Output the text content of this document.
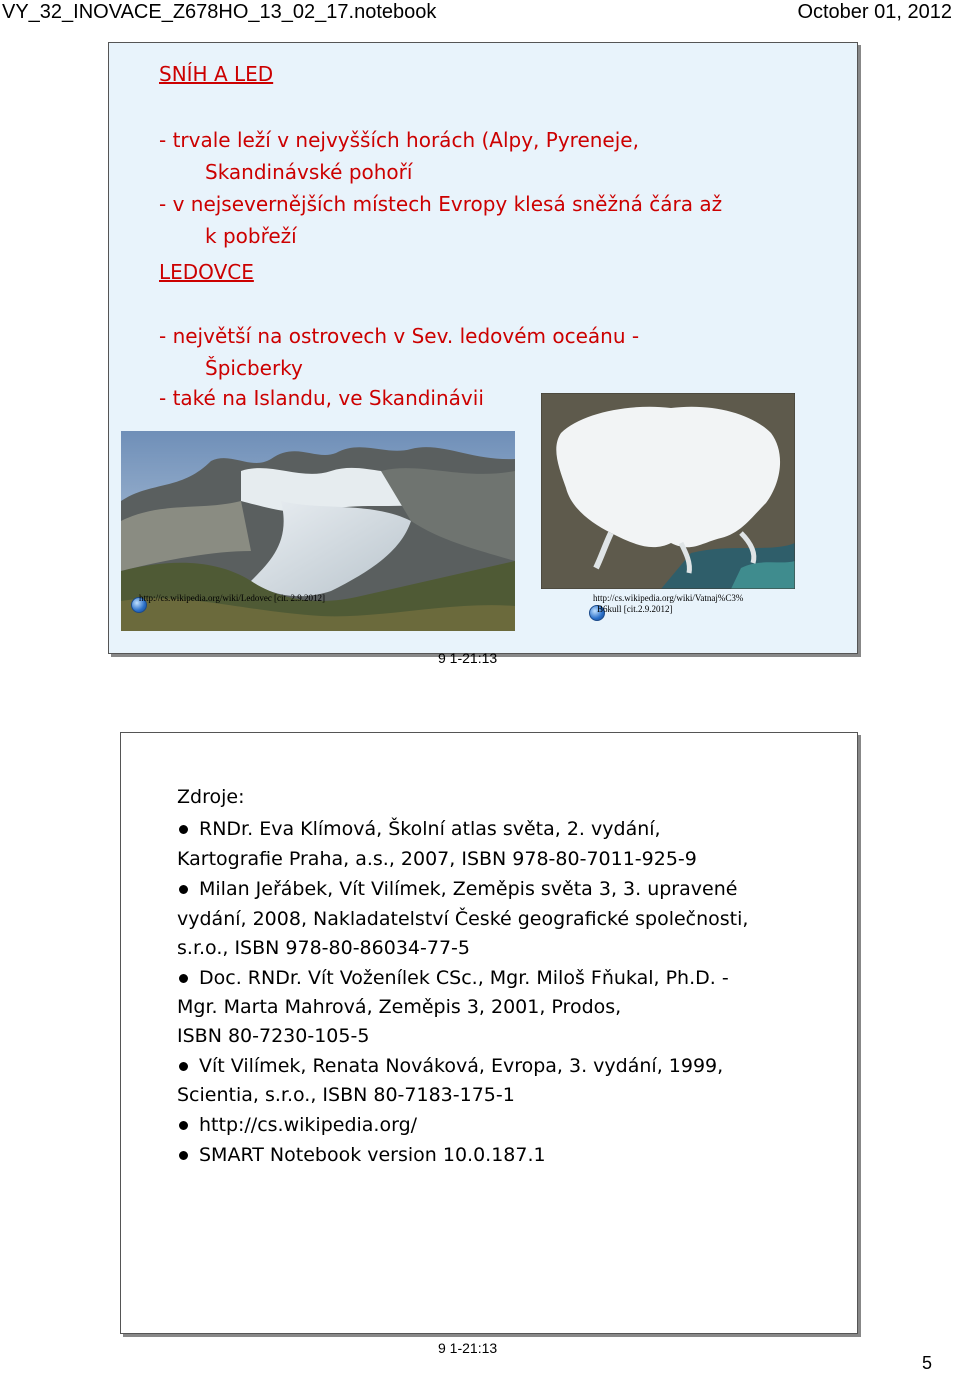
VY_32_INOVACE_Z678HO_13_02_17.notebook	October 01, 2012
SNÍH A LED
- trvale leží v nejvyšších horách (Alpy, Pyreneje,
Skandinávské pohoří
- v nejsevernějších místech Evropy klesá sněžná čára až
k pobřeží
LEDOVCE
- největší na ostrovech v Sev. ledovém oceánu -
Špicberky
- také na Islandu, ve Skandinávii
http://cs.wikipedia.org/wiki/Ledovec [cit. 2.9.2012]	http://cs.wikipedia.org/wiki/Vatnaj%C3%
B6kull [cit.2.9.2012]
9 1-21:13
Zdroje:
RNDr. Eva Klímová, Školní atlas světa, 2. vydání,
Kartografie Praha, a.s., 2007, ISBN 978-80-7011-925-9
Milan Jeřábek, Vít Vilímek, Zeměpis světa 3, 3. upravené
vydání, 2008, Nakladatelství České geografické společnosti,
s.r.o., ISBN 978-80-86034-77-5
Doc. RNDr. Vít Voženílek CSc., Mgr. Miloš Fňukal, Ph.D. -
Mgr. Marta Mahrová, Zeměpis 3, 2001, Prodos,
ISBN 80-7230-105-5
Vít Vilímek, Renata Nováková, Evropa, 3. vydání, 1999,
Scientia, s.r.o., ISBN 80-7183-175-1
http://cs.wikipedia.org/
SMART Notebook version 10.0.187.1
9 1-21:13
5
